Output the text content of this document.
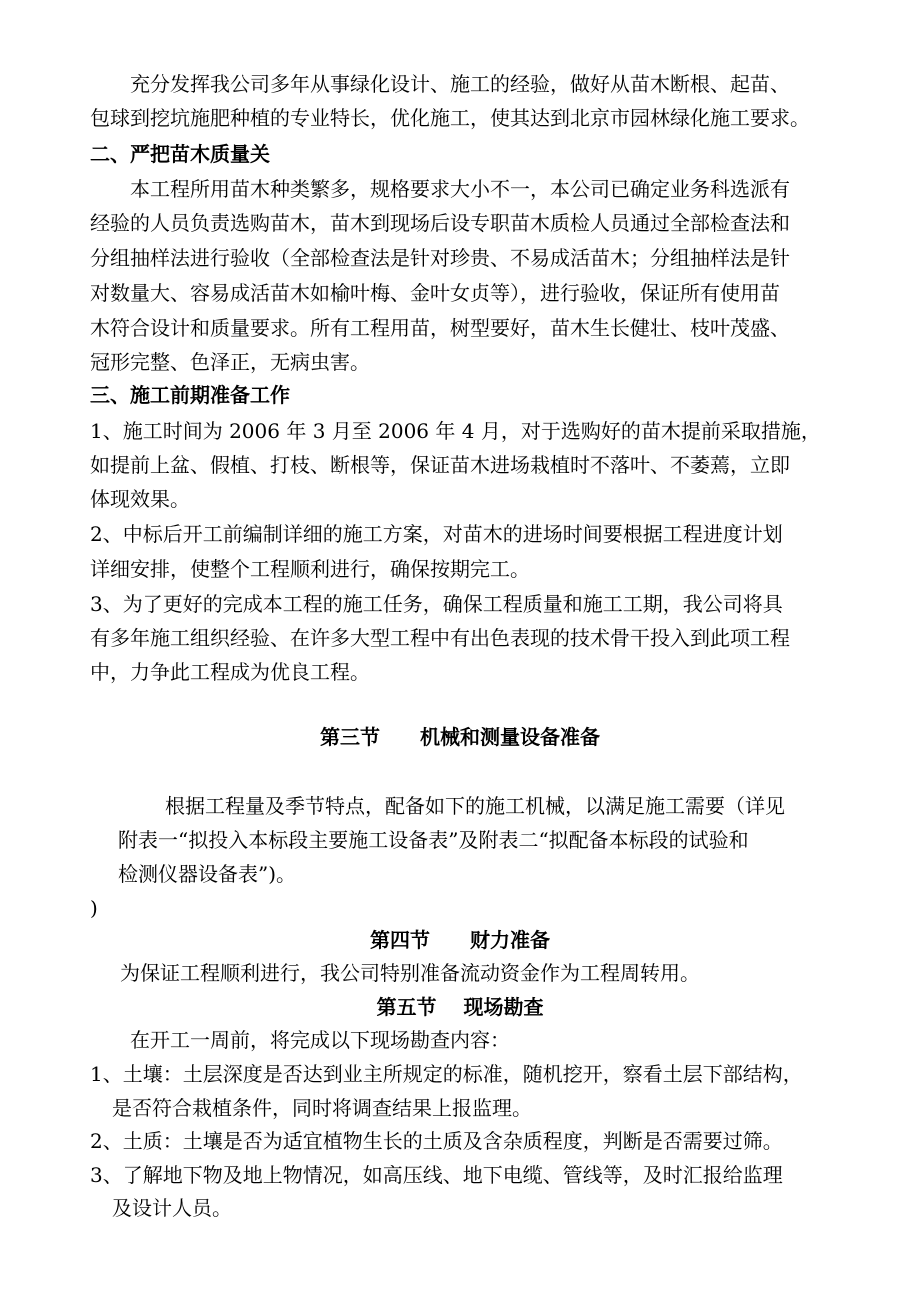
充分发挥我公司多年从事绿化设计、施工的经验，做好从苗木断根、起苗、
包球到挖坑施肥种植的专业特长，优化施工，使其达到北京市园林绿化施工要求。
二、严把苗木质量关
本工程所用苗木种类繁多，规格要求大小不一，本公司已确定业务科选派有
经验的人员负责选购苗木，苗木到现场后设专职苗木质检人员通过全部检查法和
分组抽样法进行验收（全部检查法是针对珍贵、不易成活苗木；分组抽样法是针
对数量大、容易成活苗木如榆叶梅、金叶女贞等），进行验收，保证所有使用苗
木符合设计和质量要求。所有工程用苗，树型要好，苗木生长健壮、枝叶茂盛、
冠形完整、色泽正，无病虫害。
三、施工前期准备工作
1、施工时间为 2006 年 3 月至 2006 年 4 月，对于选购好的苗木提前采取措施，
如提前上盆、假植、打枝、断根等，保证苗木进场栽植时不落叶、不萎蔫，立即
体现效果。
2、中标后开工前编制详细的施工方案，对苗木的进场时间要根据工程进度计划
详细安排，使整个工程顺利进行，确保按期完工。
3、为了更好的完成本工程的施工任务，确保工程质量和施工工期，我公司将具
有多年施工组织经验、在许多大型工程中有出色表现的技术骨干投入到此项工程
中，力争此工程成为优良工程。
第三节　　机械和测量设备准备
根据工程量及季节特点，配备如下的施工机械，以满足施工需要（详见
附表一“拟投入本标段主要施工设备表”及附表二“拟配备本标段的试验和
检测仪器设备表”)。
)
第四节　　财力准备
为保证工程顺利进行，我公司特别准备流动资金作为工程周转用。
第五节　 现场勘查
在开工一周前，将完成以下现场勘查内容：
1、土壤：土层深度是否达到业主所规定的标准，随机挖开，察看土层下部结构，
是否符合栽植条件，同时将调查结果上报监理。
2、土质：土壤是否为适宜植物生长的土质及含杂质程度，判断是否需要过筛。
3、了解地下物及地上物情况，如高压线、地下电缆、管线等，及时汇报给监理
及设计人员。
